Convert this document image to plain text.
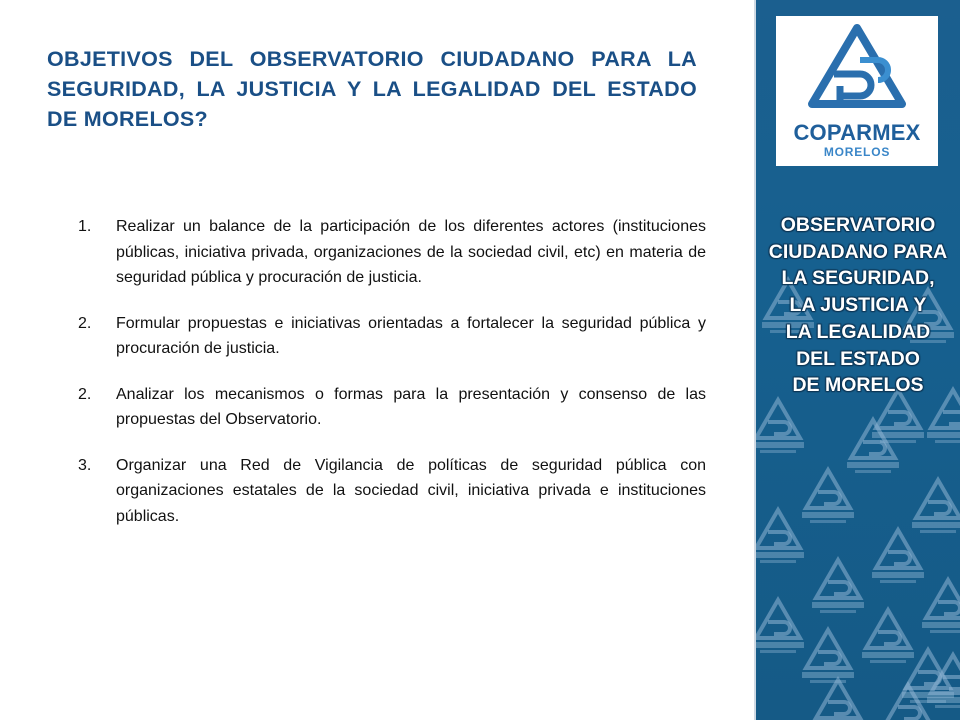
OBJETIVOS DEL OBSERVATORIO CIUDADANO PARA LA SEGURIDAD, LA JUSTICIA Y LA LEGALIDAD DEL ESTADO DE MORELOS?
1.	Realizar un balance de la participación de los diferentes actores (instituciones públicas, iniciativa privada, organizaciones de la sociedad civil, etc) en materia de seguridad pública y procuración de justicia.
2.	Formular propuestas e iniciativas orientadas a fortalecer la seguridad pública y procuración de justicia.
2.	Analizar los mecanismos o formas para la presentación y consenso de las propuestas del Observatorio.
3.	Organizar una Red de Vigilancia de políticas de seguridad pública con organizaciones estatales de la sociedad civil, iniciativa privada e instituciones públicas.
COPARMEX
MORELOS
OBSERVATORIO
CIUDADANO PARA
LA SEGURIDAD,
LA JUSTICIA Y
LA LEGALIDAD
DEL ESTADO
DE MORELOS
